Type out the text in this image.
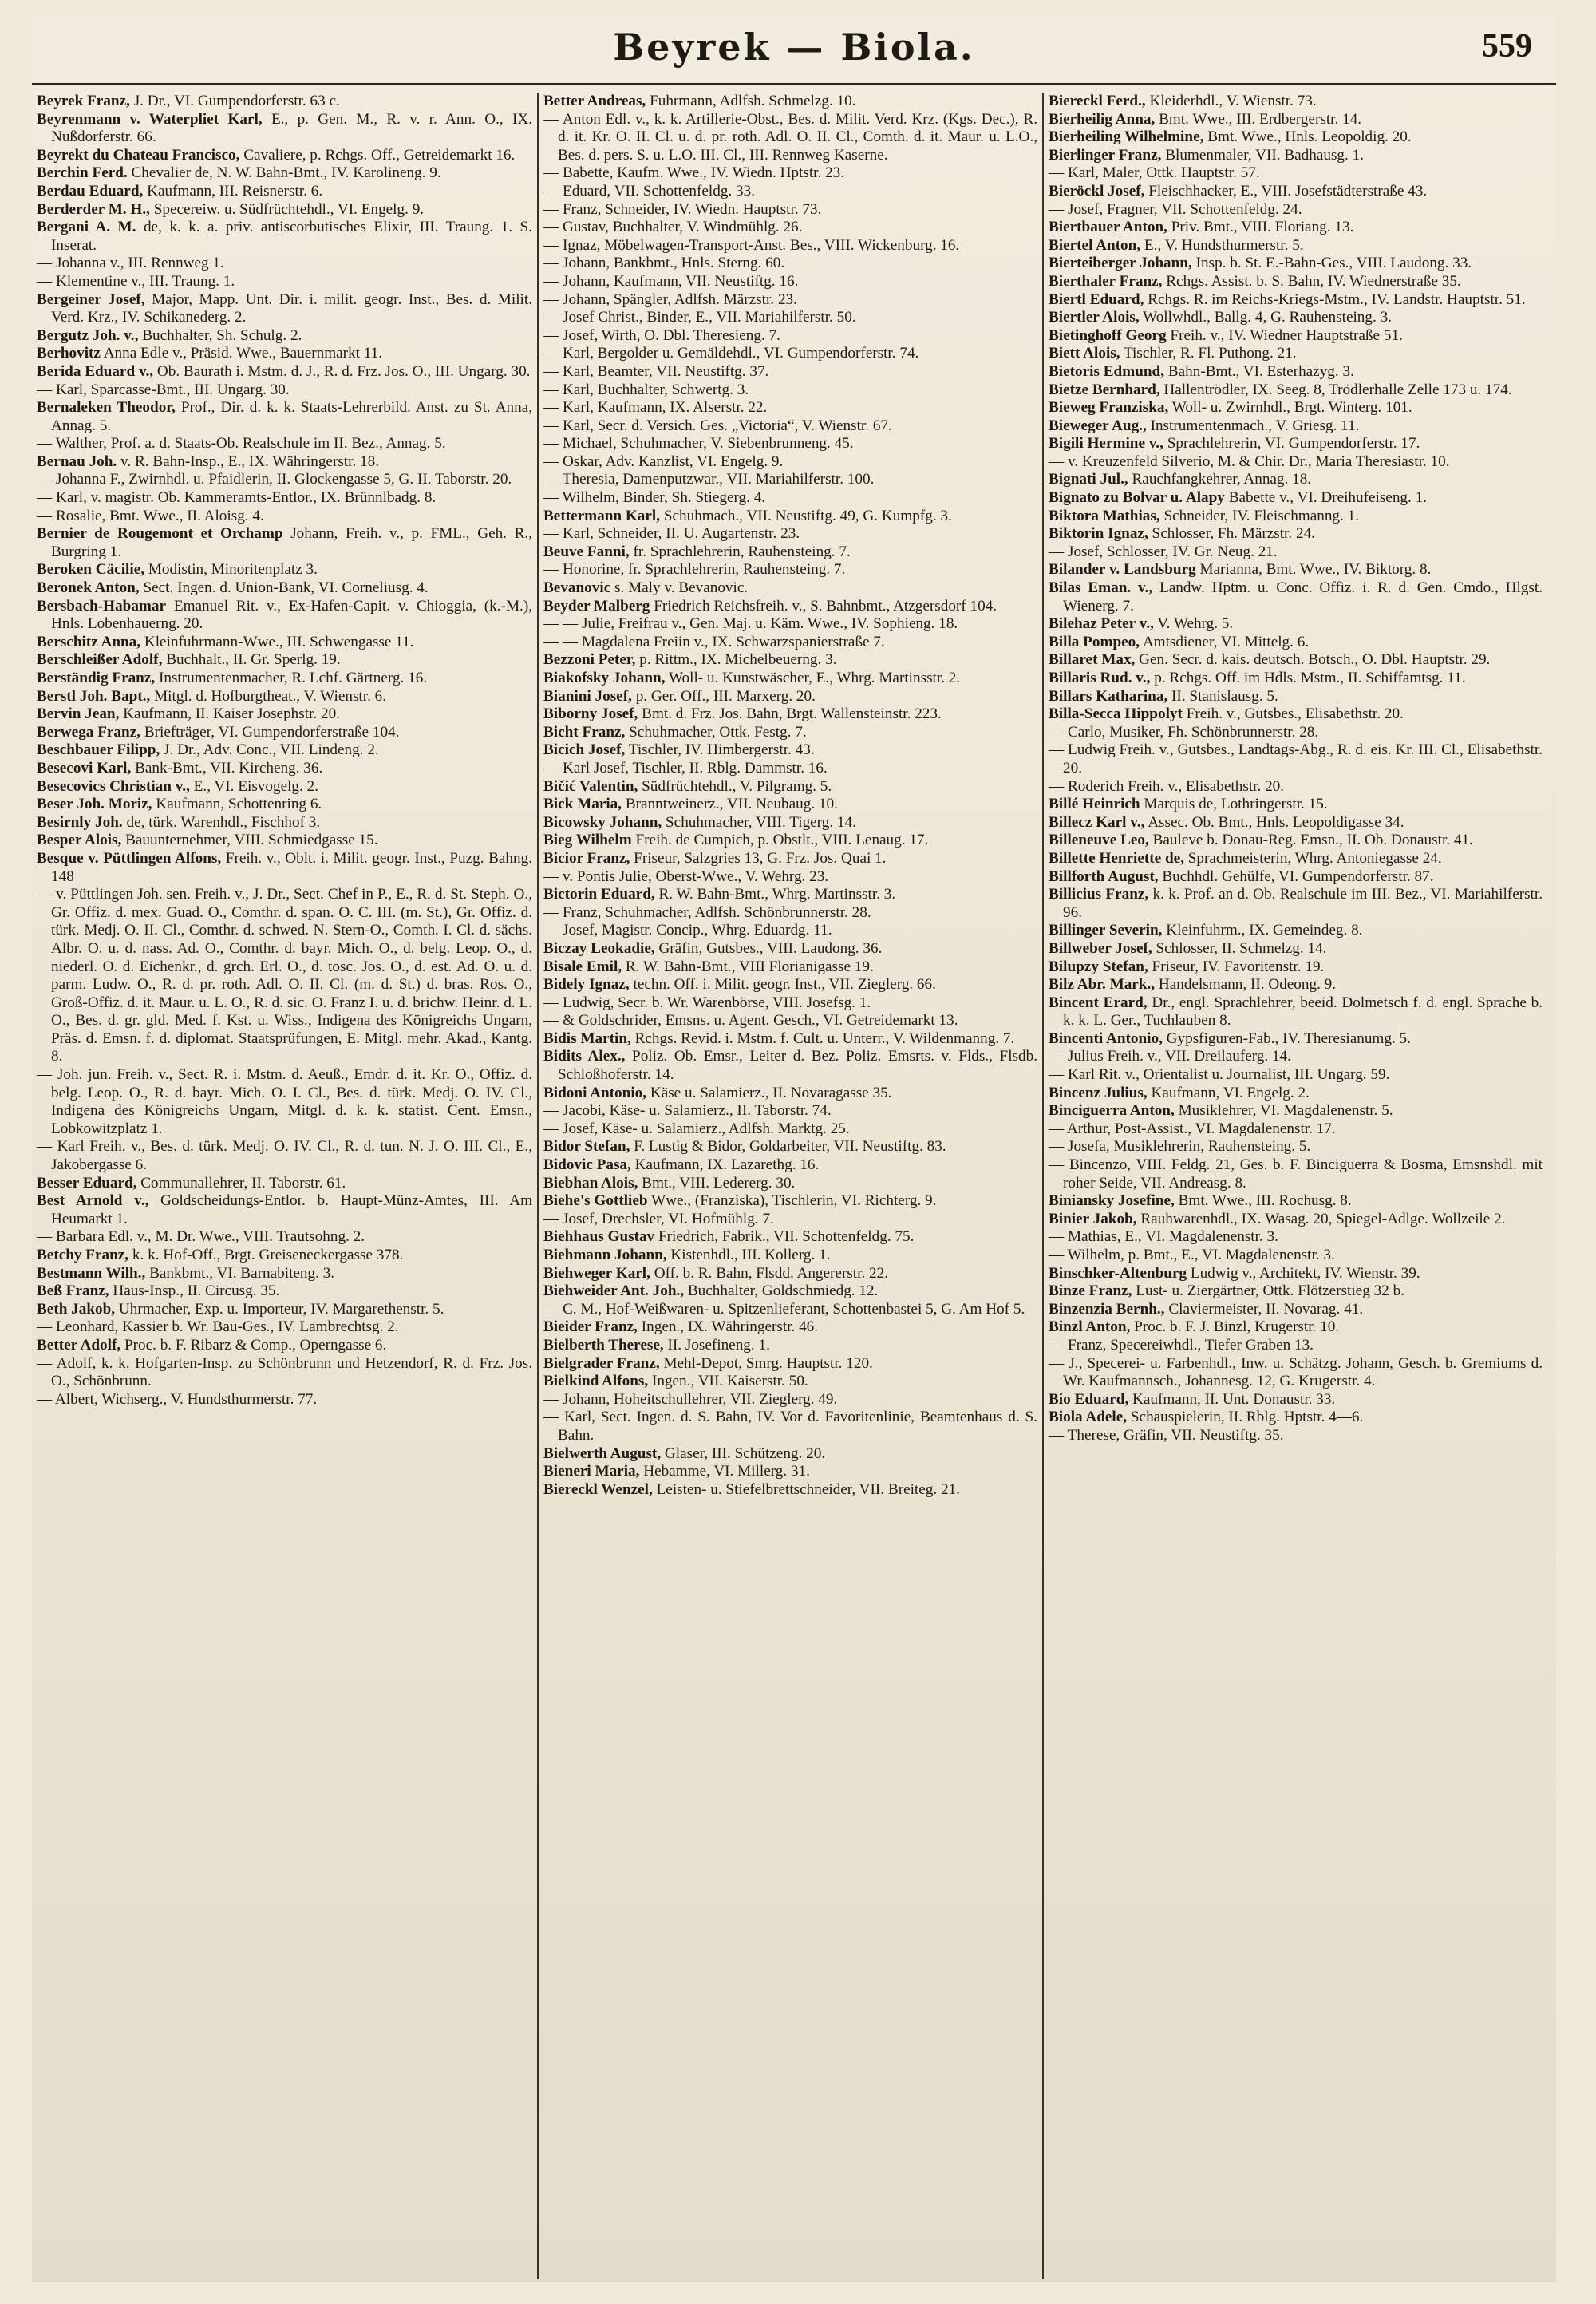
Beyrek — Biola.	559

Beyrek Franz, J. Dr., VI. Gumpendorferstr. 63 c.

Beyrenmann v. Waterpliet Karl, E., p. Gen. M., R. v. r. Ann. O., IX. Nußdorferstr. 66.

Beyrekt du Chateau Francisco, Cavaliere, p. Rchgs. Off., Getreidemarkt 16.

Berchin Ferd. Chevalier de, N. W. Bahn-Bmt., IV. Karolineng. 9.

Berdau Eduard, Kaufmann, III. Reisnerstr. 6.

Berderder M. H., Specereiw. u. Südfrüchtehdl., VI. Engelg. 9.

Bergani A. M. de, k. k. a. priv. antiscorbutisches Elixir, III. Traung. 1. S. Inserat.

— Johanna v., III. Rennweg 1.

— Klementine v., III. Traung. 1.

Bergeiner Josef, Major, Mapp. Unt. Dir. i. milit. geogr. Inst., Bes. d. Milit. Verd. Krz., IV. Schikanederg. 2.

Bergutz Joh. v., Buchhalter, Sh. Schulg. 2.

Berhovitz Anna Edle v., Präsid. Wwe., Bauernmarkt 11.

Berida Eduard v., Ob. Baurath i. Mstm. d. J., R. d. Frz. Jos. O., III. Ungarg. 30.

— Karl, Sparcasse-Bmt., III. Ungarg. 30.

Bernaleken Theodor, Prof., Dir. d. k. k. Staats-Lehrerbild. Anst. zu St. Anna, Annag. 5.

— Walther, Prof. a. d. Staats-Ob. Realschule im II. Bez., Annag. 5.

Bernau Joh. v. R. Bahn-Insp., E., IX. Währingerstr. 18.

— Johanna F., Zwirnhdl. u. Pfaidlerin, II. Glockengasse 5, G. II. Taborstr. 20.

— Karl, v. magistr. Ob. Kammeramts-Entlor., IX. Brünnlbadg. 8.

— Rosalie, Bmt. Wwe., II. Aloisg. 4.

Bernier de Rougemont et Orchamp Johann, Freih. v., p. FML., Geh. R., Burgring 1.

Beroken Cäcilie, Modistin, Minoritenplatz 3.

Beronek Anton, Sect. Ingen. d. Union-Bank, VI. Corneliusg. 4.

Bersbach-Habamar Emanuel Rit. v., Ex-Hafen-Capit. v. Chioggia, (k.-M.), Hnls. Lobenhauerng. 20.

Berschitz Anna, Kleinfuhrmann-Wwe., III. Schwengasse 11.

Berschleißer Adolf, Buchhalt., II. Gr. Sperlg. 19.

Berständig Franz, Instrumentenmacher, R. Lchf. Gärtnerg. 16.

Berstl Joh. Bapt., Mitgl. d. Hofburgtheat., V. Wienstr. 6.

Bervin Jean, Kaufmann, II. Kaiser Josephstr. 20.

Berwega Franz, Briefträger, VI. Gumpendorferstraße 104.

Beschbauer Filipp, J. Dr., Adv. Conc., VII. Lindeng. 2.

Besecovi Karl, Bank-Bmt., VII. Kircheng. 36.

Besecovics Christian v., E., VI. Eisvogelg. 2.

Beser Joh. Moriz, Kaufmann, Schottenring 6.

Besirnly Joh. de, türk. Warenhdl., Fischhof 3.

Besper Alois, Bauunternehmer, VIII. Schmiedgasse 15.

Besque v. Püttlingen Alfons, Freih. v., Oblt. i. Milit. geogr. Inst., Puzg. Bahng. 148

— v. Püttlingen Joh. sen. Freih. v., J. Dr., Sect. Chef in P., E., R. d. St. Steph. O., Gr. Offiz. d. mex. Guad. O., Comthr. d. span. O. C. III. (m. St.), Gr. Offiz. d. türk. Medj. O. II. Cl., Comthr. d. schwed. N. Stern-O., Comth. I. Cl. d. sächs. Albr. O. u. d. nass. Ad. O., Comthr. d. bayr. Mich. O., d. belg. Leop. O., d. niederl. O. d. Eichenkr., d. grch. Erl. O., d. tosc. Jos. O., d. est. Ad. O. u. d. parm. Ludw. O., R. d. pr. roth. Adl. O. II. Cl. (m. d. St.) d. bras. Ros. O., Groß-Offiz. d. it. Maur. u. L. O., R. d. sic. O. Franz I. u. d. brichw. Heinr. d. L. O., Bes. d. gr. gld. Med. f. Kst. u. Wiss., Indigena des Königreichs Ungarn, Präs. d. Emsn. f. d. diplomat. Staatsprüfungen, E. Mitgl. mehr. Akad., Kantg. 8.

— Joh. jun. Freih. v., Sect. R. i. Mstm. d. Aeuß., Emdr. d. it. Kr. O., Offiz. d. belg. Leop. O., R. d. bayr. Mich. O. I. Cl., Bes. d. türk. Medj. O. IV. Cl., Indigena des Königreichs Ungarn, Mitgl. d. k. k. statist. Cent. Emsn., Lobkowitzplatz 1.

— Karl Freih. v., Bes. d. türk. Medj. O. IV. Cl., R. d. tun. N. J. O. III. Cl., E., Jakobergasse 6.

Besser Eduard, Communallehrer, II. Taborstr. 61.

Best Arnold v., Goldscheidungs-Entlor. b. Haupt-Münz-Amtes, III. Am Heumarkt 1.

— Barbara Edl. v., M. Dr. Wwe., VIII. Trautsohng. 2.

Betchy Franz, k. k. Hof-Off., Brgt. Greiseneckergasse 378.

Bestmann Wilh., Bankbmt., VI. Barnabiteng. 3.

Beß Franz, Haus-Insp., II. Circusg. 35.

Beth Jakob, Uhrmacher, Exp. u. Importeur, IV. Margarethenstr. 5.

— Leonhard, Kassier b. Wr. Bau-Ges., IV. Lambrechtsg. 2.

Better Adolf, Proc. b. F. Ribarz & Comp., Operngasse 6.

— Adolf, k. k. Hofgarten-Insp. zu Schönbrunn und Hetzendorf, R. d. Frz. Jos. O., Schönbrunn.

— Albert, Wichserg., V. Hundsthurmerstr. 77.

Better Andreas, Fuhrmann, Adlfsh. Schmelzg. 10.

— Anton Edl. v., k. k. Artillerie-Obst., Bes. d. Milit. Verd. Krz. (Kgs. Dec.), R. d. it. Kr. O. II. Cl. u. d. pr. roth. Adl. O. II. Cl., Comth. d. it. Maur. u. L.O., Bes. d. pers. S. u. L.O. III. Cl., III. Rennweg Kaserne.

— Babette, Kaufm. Wwe., IV. Wiedn. Hptstr. 23.

— Eduard, VII. Schottenfeldg. 33.

— Franz, Schneider, IV. Wiedn. Hauptstr. 73.

— Gustav, Buchhalter, V. Windmühlg. 26.

— Ignaz, Möbelwagen-Transport-Anst. Bes., VIII. Wickenburg. 16.

— Johann, Bankbmt., Hnls. Sterng. 60.

— Johann, Kaufmann, VII. Neustiftg. 16.

— Johann, Spängler, Adlfsh. Märzstr. 23.

— Josef Christ., Binder, E., VII. Mariahilferstr. 50.

— Josef, Wirth, O. Dbl. Theresieng. 7.

— Karl, Bergolder u. Gemäldehdl., VI. Gumpendorferstr. 74.

— Karl, Beamter, VII. Neustiftg. 37.

— Karl, Buchhalter, Schwertg. 3.

— Karl, Kaufmann, IX. Alserstr. 22.

— Karl, Secr. d. Versich. Ges. „Victoria“, V. Wienstr. 67.

— Michael, Schuhmacher, V. Siebenbrunneng. 45.

— Oskar, Adv. Kanzlist, VI. Engelg. 9.

— Theresia, Damenputzwar., VII. Mariahilferstr. 100.

— Wilhelm, Binder, Sh. Stiegerg. 4.

Bettermann Karl, Schuhmach., VII. Neustiftg. 49, G. Kumpfg. 3.

— Karl, Schneider, II. U. Augartenstr. 23.

Beuve Fanni, fr. Sprachlehrerin, Rauhensteing. 7.

— Honorine, fr. Sprachlehrerin, Rauhensteing. 7.

Bevanovic s. Maly v. Bevanovic.

Beyder Malberg Friedrich Reichsfreih. v., S. Bahnbmt., Atzgersdorf 104.

— — Julie, Freifrau v., Gen. Maj. u. Käm. Wwe., IV. Sophieng. 18.

— — Magdalena Freiin v., IX. Schwarzspanierstraße 7.

Bezzoni Peter, p. Rittm., IX. Michelbeuerng. 3.

Biakofsky Johann, Woll- u. Kunstwäscher, E., Whrg. Martinsstr. 2.

Bianini Josef, p. Ger. Off., III. Marxerg. 20.

Biborny Josef, Bmt. d. Frz. Jos. Bahn, Brgt. Wallensteinstr. 223.

Bicht Franz, Schuhmacher, Ottk. Festg. 7.

Bicich Josef, Tischler, IV. Himbergerstr. 43.

— Karl Josef, Tischler, II. Rblg. Dammstr. 16.

Bičić Valentin, Südfrüchtehdl., V. Pilgramg. 5.

Bick Maria, Branntweinerz., VII. Neubaug. 10.

Bicowsky Johann, Schuhmacher, VIII. Tigerg. 14.

Bieg Wilhelm Freih. de Cumpich, p. Obstlt., VIII. Lenaug. 17.

Bicior Franz, Friseur, Salzgries 13, G. Frz. Jos. Quai 1.

— v. Pontis Julie, Oberst-Wwe., V. Wehrg. 23.

Bictorin Eduard, R. W. Bahn-Bmt., Whrg. Martinsstr. 3.

— Franz, Schuhmacher, Adlfsh. Schönbrunnerstr. 28.

— Josef, Magistr. Concip., Whrg. Eduardg. 11.

Biczay Leokadie, Gräfin, Gutsbes., VIII. Laudong. 36.

Bisale Emil, R. W. Bahn-Bmt., VIII Florianigasse 19.

Bidely Ignaz, techn. Off. i. Milit. geogr. Inst., VII. Zieglerg. 66.

— Ludwig, Secr. b. Wr. Warenbörse, VIII. Josefsg. 1.

— & Goldschrider, Emsns. u. Agent. Gesch., VI. Getreidemarkt 13.

Bidis Martin, Rchgs. Revid. i. Mstm. f. Cult. u. Unterr., V. Wildenmanng. 7.

Bidits Alex., Poliz. Ob. Emsr., Leiter d. Bez. Poliz. Emsrts. v. Flds., Flsdb. Schloßhoferstr. 14.

Bidoni Antonio, Käse u. Salamierz., II. Novaragasse 35.

— Jacobi, Käse- u. Salamierz., II. Taborstr. 74.

— Josef, Käse- u. Salamierz., Adlfsh. Marktg. 25.

Bidor Stefan, F. Lustig & Bidor, Goldarbeiter, VII. Neustiftg. 83.

Bidovic Pasa, Kaufmann, IX. Lazarethg. 16.

Biebhan Alois, Bmt., VIII. Ledererg. 30.

Biehe's Gottlieb Wwe., (Franziska), Tischlerin, VI. Richterg. 9.

— Josef, Drechsler, VI. Hofmühlg. 7.

Biehhaus Gustav Friedrich, Fabrik., VII. Schottenfeldg. 75.

Biehmann Johann, Kistenhdl., III. Kollerg. 1.

Biehweger Karl, Off. b. R. Bahn, Flsdd. Angererstr. 22.

Biehweider Ant. Joh., Buchhalter, Goldschmiedg. 12.

— C. M., Hof-Weißwaren- u. Spitzenlieferant, Schottenbastei 5, G. Am Hof 5.

Bieider Franz, Ingen., IX. Währingerstr. 46.

Bielberth Therese, II. Josefineng. 1.

Bielgrader Franz, Mehl-Depot, Smrg. Hauptstr. 120.

Bielkind Alfons, Ingen., VII. Kaiserstr. 50.

— Johann, Hoheitschullehrer, VII. Zieglerg. 49.

— Karl, Sect. Ingen. d. S. Bahn, IV. Vor d. Favoritenlinie, Beamtenhaus d. S. Bahn.

Bielwerth August, Glaser, III. Schützeng. 20.

Bieneri Maria, Hebamme, VI. Millerg. 31.

Biereckl Wenzel, Leisten- u. Stiefelbrettschneider, VII. Breiteg. 21.

Biereckl Ferd., Kleiderhdl., V. Wienstr. 73.

Bierheilig Anna, Bmt. Wwe., III. Erdbergerstr. 14.

Bierheiling Wilhelmine, Bmt. Wwe., Hnls. Leopoldig. 20.

Bierlinger Franz, Blumenmaler, VII. Badhausg. 1.

— Karl, Maler, Ottk. Hauptstr. 57.

Bieröckl Josef, Fleischhacker, E., VIII. Josefstädterstraße 43.

— Josef, Fragner, VII. Schottenfeldg. 24.

Biertbauer Anton, Priv. Bmt., VIII. Floriang. 13.

Biertel Anton, E., V. Hundsthurmerstr. 5.

Bierteiberger Johann, Insp. b. St. E.-Bahn-Ges., VIII. Laudong. 33.

Bierthaler Franz, Rchgs. Assist. b. S. Bahn, IV. Wiednerstraße 35.

Biertl Eduard, Rchgs. R. im Reichs-Kriegs-Mstm., IV. Landstr. Hauptstr. 51.

Biertler Alois, Wollwhdl., Ballg. 4, G. Rauhensteing. 3.

Bietinghoff Georg Freih. v., IV. Wiedner Hauptstraße 51.

Biett Alois, Tischler, R. Fl. Puthong. 21.

Bietoris Edmund, Bahn-Bmt., VI. Esterhazyg. 3.

Bietze Bernhard, Hallentrödler, IX. Seeg. 8, Trödlerhalle Zelle 173 u. 174.

Bieweg Franziska, Woll- u. Zwirnhdl., Brgt. Winterg. 101.

Bieweger Aug., Instrumentenmach., V. Griesg. 11.

Bigili Hermine v., Sprachlehrerin, VI. Gumpendorferstr. 17.

— v. Kreuzenfeld Silverio, M. & Chir. Dr., Maria Theresiastr. 10.

Bignati Jul., Rauchfangkehrer, Annag. 18.

Bignato zu Bolvar u. Alapy Babette v., VI. Dreihufeiseng. 1.

Biktora Mathias, Schneider, IV. Fleischmanng. 1.

Biktorin Ignaz, Schlosser, Fh. Märzstr. 24.

— Josef, Schlosser, IV. Gr. Neug. 21.

Bilander v. Landsburg Marianna, Bmt. Wwe., IV. Biktorg. 8.

Bilas Eman. v., Landw. Hptm. u. Conc. Offiz. i. R. d. Gen. Cmdo., Hlgst. Wienerg. 7.

Bilehaz Peter v., V. Wehrg. 5.

Billa Pompeo, Amtsdiener, VI. Mittelg. 6.

Billaret Max, Gen. Secr. d. kais. deutsch. Botsch., O. Dbl. Hauptstr. 29.

Billaris Rud. v., p. Rchgs. Off. im Hdls. Mstm., II. Schiffamtsg. 11.

Billars Katharina, II. Stanislausg. 5.

Billa-Secca Hippolyt Freih. v., Gutsbes., Elisabethstr. 20.

— Carlo, Musiker, Fh. Schönbrunnerstr. 28.

— Ludwig Freih. v., Gutsbes., Landtags-Abg., R. d. eis. Kr. III. Cl., Elisabethstr. 20.

— Roderich Freih. v., Elisabethstr. 20.

Billé Heinrich Marquis de, Lothringerstr. 15.

Billecz Karl v., Assec. Ob. Bmt., Hnls. Leopoldigasse 34.

Billeneuve Leo, Bauleve b. Donau-Reg. Emsn., II. Ob. Donaustr. 41.

Billette Henriette de, Sprachmeisterin, Whrg. Antoniegasse 24.

Billforth August, Buchhdl. Gehülfe, VI. Gumpendorferstr. 87.

Billicius Franz, k. k. Prof. an d. Ob. Realschule im III. Bez., VI. Mariahilferstr. 96.

Billinger Severin, Kleinfuhrm., IX. Gemeindeg. 8.

Billweber Josef, Schlosser, II. Schmelzg. 14.

Bilupzy Stefan, Friseur, IV. Favoritenstr. 19.

Bilz Abr. Mark., Handelsmann, II. Odeong. 9.

Bincent Erard, Dr., engl. Sprachlehrer, beeid. Dolmetsch f. d. engl. Sprache b. k. k. L. Ger., Tuchlauben 8.

Bincenti Antonio, Gypsfiguren-Fab., IV. Theresianumg. 5.

— Julius Freih. v., VII. Dreilauferg. 14.

— Karl Rit. v., Orientalist u. Journalist, III. Ungarg. 59.

Bincenz Julius, Kaufmann, VI. Engelg. 2.

Binciguerra Anton, Musiklehrer, VI. Magdalenenstr. 5.

— Arthur, Post-Assist., VI. Magdalenenstr. 17.

— Josefa, Musiklehrerin, Rauhensteing. 5.

— Bincenzo, VIII. Feldg. 21, Ges. b. F. Binciguerra & Bosma, Emsnshdl. mit roher Seide, VII. Andreasg. 8.

Biniansky Josefine, Bmt. Wwe., III. Rochusg. 8.

Binier Jakob, Rauhwarenhdl., IX. Wasag. 20, Spiegel-Adlge. Wollzeile 2.

— Mathias, E., VI. Magdalenenstr. 3.

— Wilhelm, p. Bmt., E., VI. Magdalenenstr. 3.

Binschker-Altenburg Ludwig v., Architekt, IV. Wienstr. 39.

Binze Franz, Lust- u. Ziergärtner, Ottk. Flötzerstieg 32 b.

Binzenzia Bernh., Claviermeister, II. Novarag. 41.

Binzl Anton, Proc. b. F. J. Binzl, Krugerstr. 10.

— Franz, Specereiwhdl., Tiefer Graben 13.

— J., Specerei- u. Farbenhdl., Inw. u. Schätzg. Johann, Gesch. b. Gremiums d. Wr. Kaufmannsch., Johannesg. 12, G. Krugerstr. 4.

Bio Eduard, Kaufmann, II. Unt. Donaustr. 33.

Biola Adele, Schauspielerin, II. Rblg. Hptstr. 4—6.

— Therese, Gräfin, VII. Neustiftg. 35.
